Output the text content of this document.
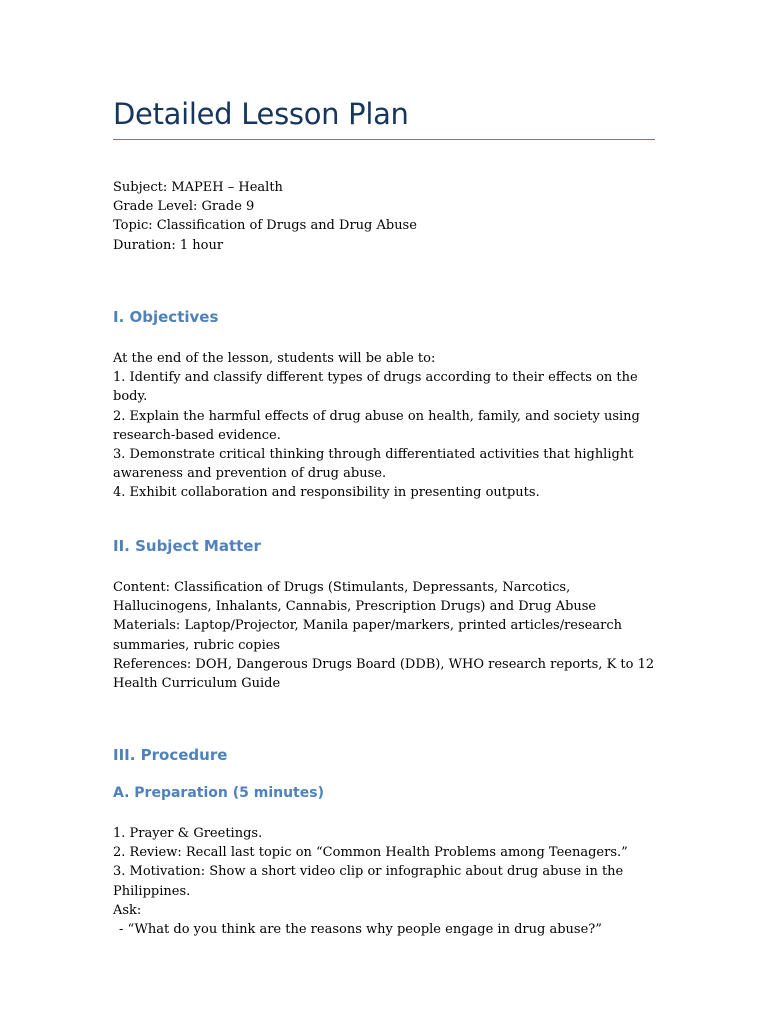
Detailed Lesson Plan

Subject: MAPEH – Health

Grade Level: Grade 9

Topic: Classification of Drugs and Drug Abuse

Duration: 1 hour

I. Objectives

At the end of the lesson, students will be able to:

1. Identify and classify different types of drugs according to their effects on the body.

2. Explain the harmful effects of drug abuse on health, family, and society using research-based evidence.

3. Demonstrate critical thinking through differentiated activities that highlight awareness and prevention of drug abuse.

4. Exhibit collaboration and responsibility in presenting outputs.

II. Subject Matter

Content: Classification of Drugs (Stimulants, Depressants, Narcotics, Hallucinogens, Inhalants, Cannabis, Prescription Drugs) and Drug Abuse

Materials: Laptop/Projector, Manila paper/markers, printed articles/research summaries, rubric copies

References: DOH, Dangerous Drugs Board (DDB), WHO research reports, K to 12 Health Curriculum Guide

III. Procedure
A. Preparation (5 minutes)

1. Prayer & Greetings.

2. Review: Recall last topic on “Common Health Problems among Teenagers.”

3. Motivation: Show a short video clip or infographic about drug abuse in the Philippines.

Ask:

- “What do you think are the reasons why people engage in drug abuse?”
